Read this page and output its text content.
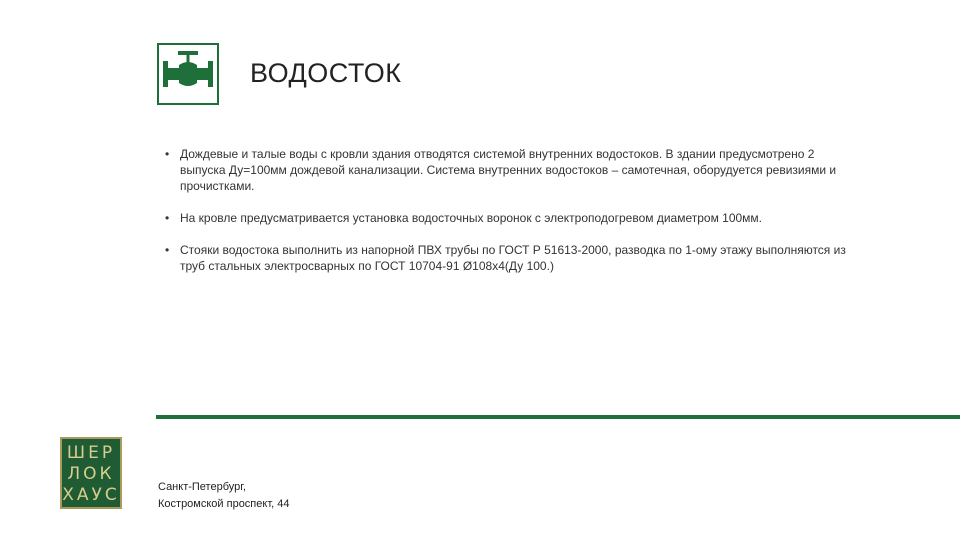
ВОДОСТОК
• Дождевые и талые воды с кровли здания отводятся системой внутренних водостоков. В здании предусмотрено 2 выпуска Ду=100мм дождевой канализации. Система внутренних водостоков – самотечная, оборудуется ревизиями и прочистками.
• На кровле предусматривается установка водосточных воронок с электроподогревом диаметром 100мм.
• Стояки водостока выполнить из напорной ПВХ трубы по ГОСТ Р 51613-2000, разводка по 1-ому этажу выполняются из труб стальных электросварных по ГОСТ 10704-91 Ø108х4(Ду 100.)
ШЕР
ЛОК
ХАУС	Санкт-Петербург,
Костромской проспект, 44
